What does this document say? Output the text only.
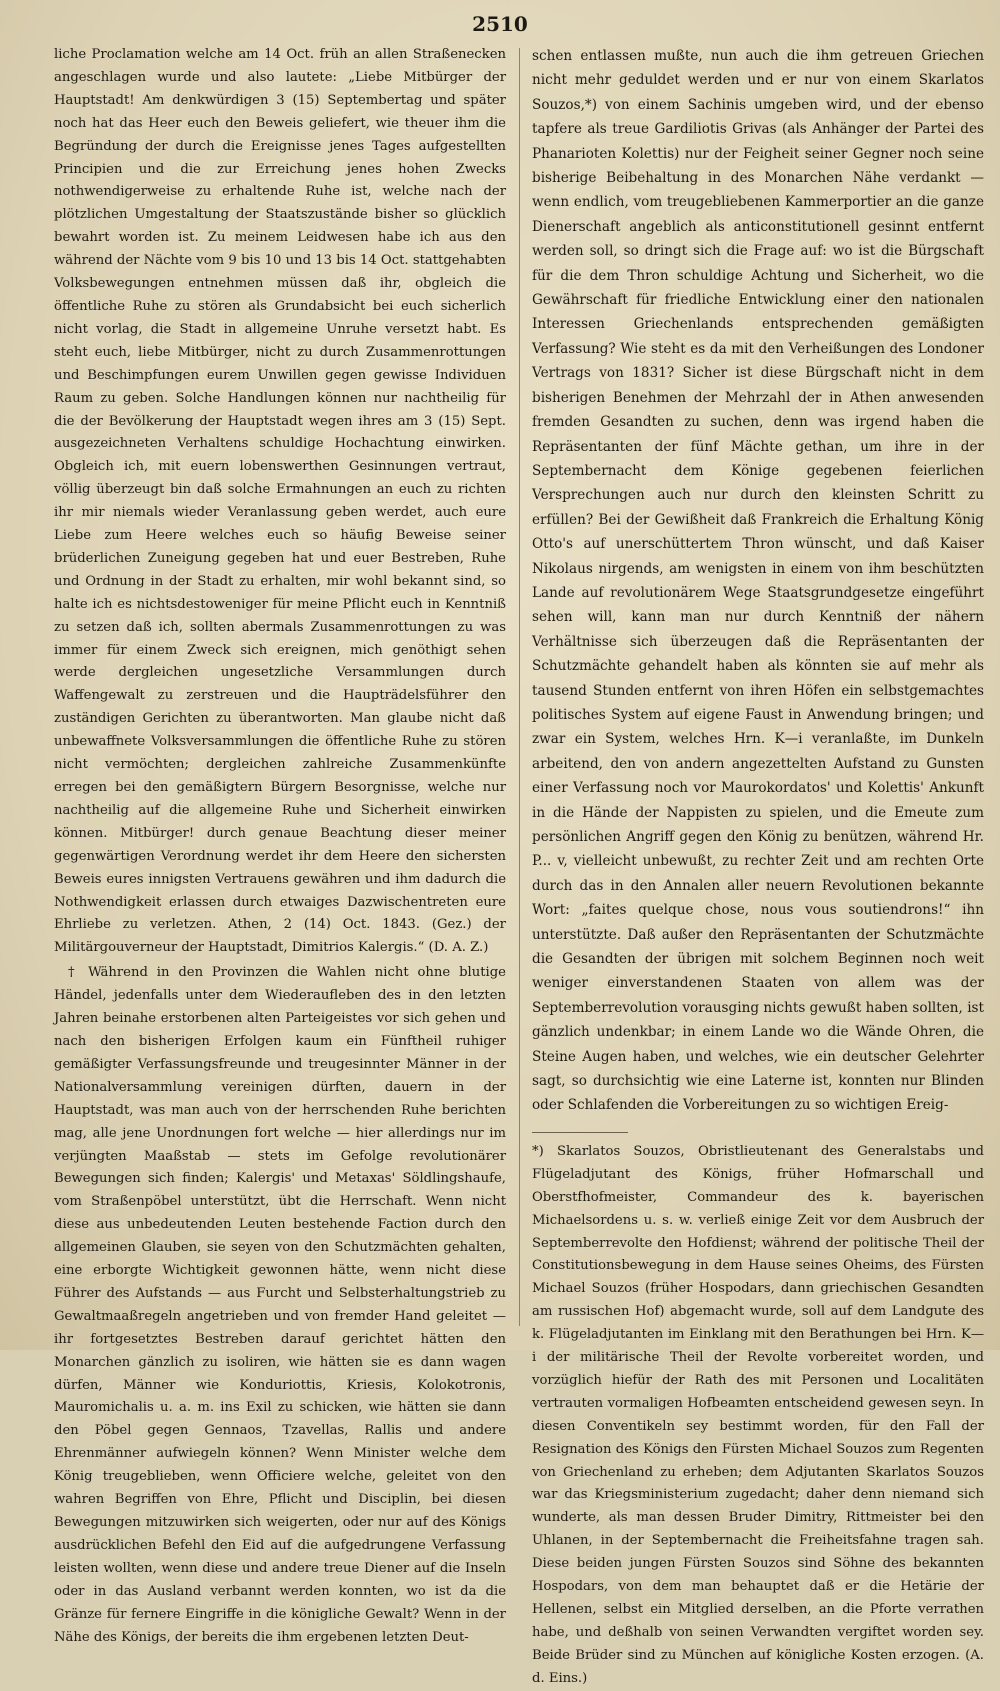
2510

liche Proclamation welche am 14 Oct. früh an allen Straßenecken angeschlagen wurde und also lautete: „Liebe Mitbürger der Hauptstadt! Am denkwürdigen 3 (15) Septembertag und später noch hat das Heer euch den Beweis geliefert, wie theuer ihm die Begründung der durch die Ereignisse jenes Tages aufgestellten Principien und die zur Erreichung jenes hohen Zwecks nothwendigerweise zu erhaltende Ruhe ist, welche nach der plötzlichen Umgestaltung der Staatszustände bisher so glücklich bewahrt worden ist. Zu meinem Leidwesen habe ich aus den während der Nächte vom 9 bis 10 und 13 bis 14 Oct. stattgehabten Volksbewegungen entnehmen müssen daß ihr, obgleich die öffentliche Ruhe zu stören als Grundabsicht bei euch sicherlich nicht vorlag, die Stadt in allgemeine Unruhe versetzt habt. Es steht euch, liebe Mitbürger, nicht zu durch Zusammenrottungen und Beschimpfungen eurem Unwillen gegen gewisse Individuen Raum zu geben. Solche Handlungen können nur nachtheilig für die der Bevölkerung der Hauptstadt wegen ihres am 3 (15) Sept. ausgezeichneten Verhaltens schuldige Hochachtung einwirken. Obgleich ich, mit euern lobenswerthen Gesinnungen vertraut, völlig überzeugt bin daß solche Ermahnungen an euch zu richten ihr mir niemals wieder Veranlassung geben werdet, auch eure Liebe zum Heere welches euch so häufig Beweise seiner brüderlichen Zuneigung gegeben hat und euer Bestreben, Ruhe und Ordnung in der Stadt zu erhalten, mir wohl bekannt sind, so halte ich es nichtsdestoweniger für meine Pflicht euch in Kenntniß zu setzen daß ich, sollten abermals Zusammenrottungen zu was immer für einem Zweck sich ereignen, mich genöthigt sehen werde dergleichen ungesetzliche Versammlungen durch Waffengewalt zu zerstreuen und die Haupträdelsführer den zuständigen Gerichten zu überantworten. Man glaube nicht daß unbewaffnete Volksversammlungen die öffentliche Ruhe zu stören nicht vermöchten; dergleichen zahlreiche Zusammenkünfte erregen bei den gemäßigtern Bürgern Besorgnisse, welche nur nachtheilig auf die allgemeine Ruhe und Sicherheit einwirken können. Mitbürger! durch genaue Beachtung dieser meiner gegenwärtigen Verordnung werdet ihr dem Heere den sichersten Beweis eures innigsten Vertrauens gewähren und ihm dadurch die Nothwendigkeit erlassen durch etwaiges Dazwischentreten eure Ehrliebe zu verletzen. Athen, 2 (14) Oct. 1843. (Gez.) der Militärgouverneur der Hauptstadt, Dimitrios Kalergis.“ (D. A. Z.)

† Während in den Provinzen die Wahlen nicht ohne blutige Händel, jedenfalls unter dem Wiederaufleben des in den letzten Jahren beinahe erstorbenen alten Parteigeistes vor sich gehen und nach den bisherigen Erfolgen kaum ein Fünftheil ruhiger gemäßigter Verfassungsfreunde und treugesinnter Männer in der Nationalversammlung vereinigen dürften, dauern in der Hauptstadt, was man auch von der herrschenden Ruhe berichten mag, alle jene Unordnungen fort welche — hier allerdings nur im verjüngten Maaßstab — stets im Gefolge revolutionärer Bewegungen sich finden; Kalergis' und Metaxas' Söldlingshaufe, vom Straßenpöbel unterstützt, übt die Herrschaft. Wenn nicht diese aus unbedeutenden Leuten bestehende Faction durch den allgemeinen Glauben, sie seyen von den Schutzmächten gehalten, eine erborgte Wichtigkeit gewonnen hätte, wenn nicht diese Führer des Aufstands — aus Furcht und Selbsterhaltungstrieb zu Gewaltmaaßregeln angetrieben und von fremder Hand geleitet — ihr fortgesetztes Bestreben darauf gerichtet hätten den Monarchen gänzlich zu isoliren, wie hätten sie es dann wagen dürfen, Männer wie Konduriottis, Kriesis, Kolokotronis, Mauromichalis u. a. m. ins Exil zu schicken, wie hätten sie dann den Pöbel gegen Gennaos, Tzavellas, Rallis und andere Ehrenmänner aufwiegeln können? Wenn Minister welche dem König treugeblieben, wenn Officiere welche, geleitet von den wahren Begriffen von Ehre, Pflicht und Disciplin, bei diesen Bewegungen mitzuwirken sich weigerten, oder nur auf des Königs ausdrücklichen Befehl den Eid auf die aufgedrungene Verfassung leisten wollten, wenn diese und andere treue Diener auf die Inseln oder in das Ausland verbannt werden konnten, wo ist da die Gränze für fernere Eingriffe in die königliche Gewalt? Wenn in der Nähe des Königs, der bereits die ihm ergebenen letzten Deut-

schen entlassen mußte, nun auch die ihm getreuen Griechen nicht mehr geduldet werden und er nur von einem Skarlatos Souzos,*) von einem Sachinis umgeben wird, und der ebenso tapfere als treue Gardiliotis Grivas (als Anhänger der Partei des Phanarioten Kolettis) nur der Feigheit seiner Gegner noch seine bisherige Beibehaltung in des Monarchen Nähe verdankt — wenn endlich, vom treugebliebenen Kammerportier an die ganze Dienerschaft angeblich als anticonstitutionell gesinnt entfernt werden soll, so dringt sich die Frage auf: wo ist die Bürgschaft für die dem Thron schuldige Achtung und Sicherheit, wo die Gewährschaft für friedliche Entwicklung einer den nationalen Interessen Griechenlands entsprechenden gemäßigten Verfassung? Wie steht es da mit den Verheißungen des Londoner Vertrags von 1831? Sicher ist diese Bürgschaft nicht in dem bisherigen Benehmen der Mehrzahl der in Athen anwesenden fremden Gesandten zu suchen, denn was irgend haben die Repräsentanten der fünf Mächte gethan, um ihre in der Septembernacht dem Könige gegebenen feierlichen Versprechungen auch nur durch den kleinsten Schritt zu erfüllen? Bei der Gewißheit daß Frankreich die Erhaltung König Otto's auf unerschüttertem Thron wünscht, und daß Kaiser Nikolaus nirgends, am wenigsten in einem von ihm beschützten Lande auf revolutionärem Wege Staatsgrundgesetze eingeführt sehen will, kann man nur durch Kenntniß der nähern Verhältnisse sich überzeugen daß die Repräsentanten der Schutzmächte gehandelt haben als könnten sie auf mehr als tausend Stunden entfernt von ihren Höfen ein selbstgemachtes politisches System auf eigene Faust in Anwendung bringen; und zwar ein System, welches Hrn. K—i veranlaßte, im Dunkeln arbeitend, den von andern angezettelten Aufstand zu Gunsten einer Verfassung noch vor Maurokordatos' und Kolettis' Ankunft in die Hände der Nappisten zu spielen, und die Emeute zum persönlichen Angriff gegen den König zu benützen, während Hr. P... v, vielleicht unbewußt, zu rechter Zeit und am rechten Orte durch das in den Annalen aller neuern Revolutionen bekannte Wort: „faites quelque chose, nous vous soutiendrons!“ ihn unterstützte. Daß außer den Repräsentanten der Schutzmächte die Gesandten der übrigen mit solchem Beginnen noch weit weniger einverstandenen Staaten von allem was der Septemberrevolution vorausging nichts gewußt haben sollten, ist gänzlich undenkbar; in einem Lande wo die Wände Ohren, die Steine Augen haben, und welches, wie ein deutscher Gelehrter sagt, so durchsichtig wie eine Laterne ist, konnten nur Blinden oder Schlafenden die Vorbereitungen zu so wichtigen Ereig-

*) Skarlatos Souzos, Obristlieutenant des Generalstabs und Flügeladjutant des Königs, früher Hofmarschall und Oberstfhofmeister, Commandeur des k. bayerischen Michaelsordens u. s. w. verließ einige Zeit vor dem Ausbruch der Septemberrevolte den Hofdienst; während der politische Theil der Constitutionsbewegung in dem Hause seines Oheims, des Fürsten Michael Souzos (früher Hospodars, dann griechischen Gesandten am russischen Hof) abgemacht wurde, soll auf dem Landgute des k. Flügeladjutanten im Einklang mit den Berathungen bei Hrn. K—i der militärische Theil der Revolte vorbereitet worden, und vorzüglich hiefür der Rath des mit Personen und Localitäten vertrauten vormaligen Hofbeamten entscheidend gewesen seyn. In diesen Conventikeln sey bestimmt worden, für den Fall der Resignation des Königs den Fürsten Michael Souzos zum Regenten von Griechenland zu erheben; dem Adjutanten Skarlatos Souzos war das Kriegsministerium zugedacht; daher denn niemand sich wunderte, als man dessen Bruder Dimitry, Rittmeister bei den Uhlanen, in der Septembernacht die Freiheitsfahne tragen sah. Diese beiden jungen Fürsten Souzos sind Söhne des bekannten Hospodars, von dem man behauptet daß er die Hetärie der Hellenen, selbst ein Mitglied derselben, an die Pforte verrathen habe, und deßhalb von seinen Verwandten vergiftet worden sey. Beide Brüder sind zu München auf königliche Kosten erzogen. (A. d. Eins.)
